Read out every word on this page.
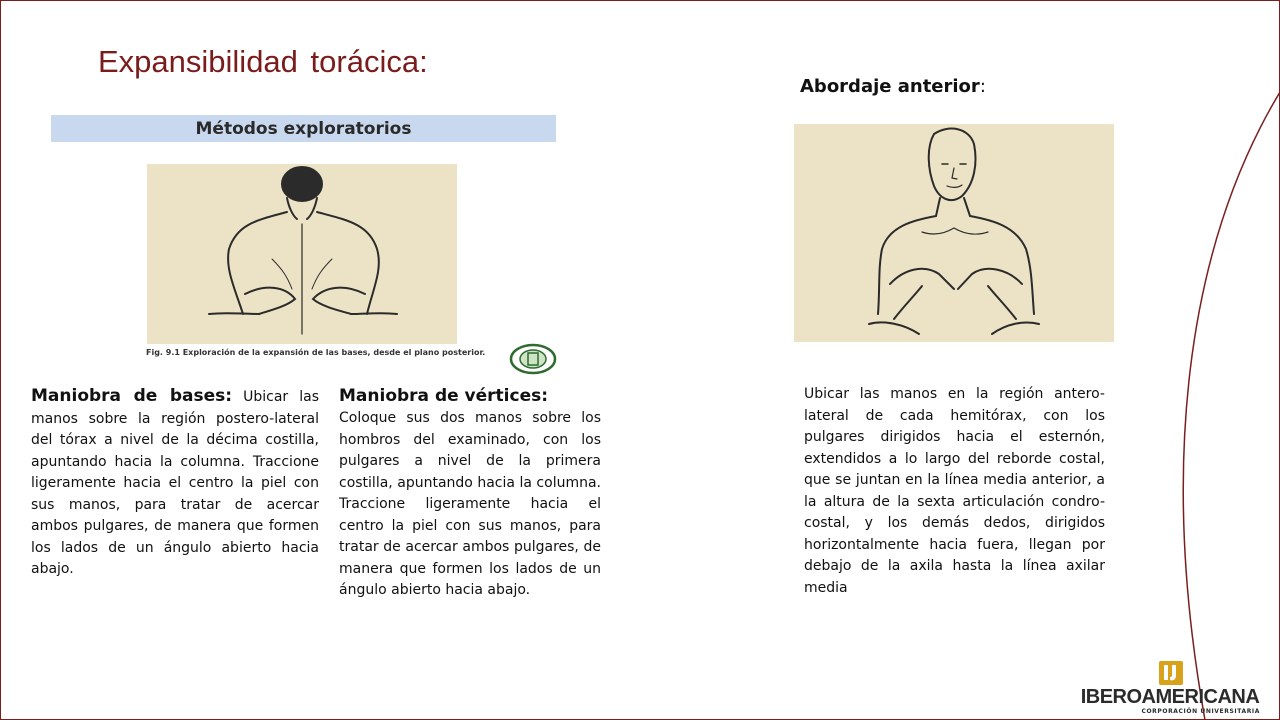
Expansibilidad torácica:
Abordaje anterior:
Métodos exploratorios
Fig. 9.1 Exploración de la expansión de las bases, desde el plano posterior.
Maniobra de bases: Ubicar las manos sobre la región postero-lateral del tórax a nivel de la décima costilla, apuntando hacia la columna. Traccione ligeramente hacia el centro la piel con sus manos, para tratar de acercar ambos pulgares, de manera que formen los lados de un ángulo abierto hacia abajo.
Maniobra de vértices:
Coloque sus dos manos sobre los hombros del examinado, con los pulgares a nivel de la primera costilla, apuntando hacia la columna. Traccione ligeramente hacia el centro la piel con sus manos, para tratar de acercar ambos pulgares, de manera que formen los lados de un ángulo abierto hacia abajo.
Ubicar las manos en la región antero-lateral de cada hemitórax, con los pulgares dirigidos hacia el esternón, extendidos a lo largo del reborde costal, que se juntan en la línea media anterior, a la altura de la sexta articulación condro-costal, y los demás dedos, dirigidos horizontalmente hacia fuera, llegan por debajo de la axila hasta la línea axilar media
IBEROAMERICANA
CORPORACIÓN UNIVERSITARIA
